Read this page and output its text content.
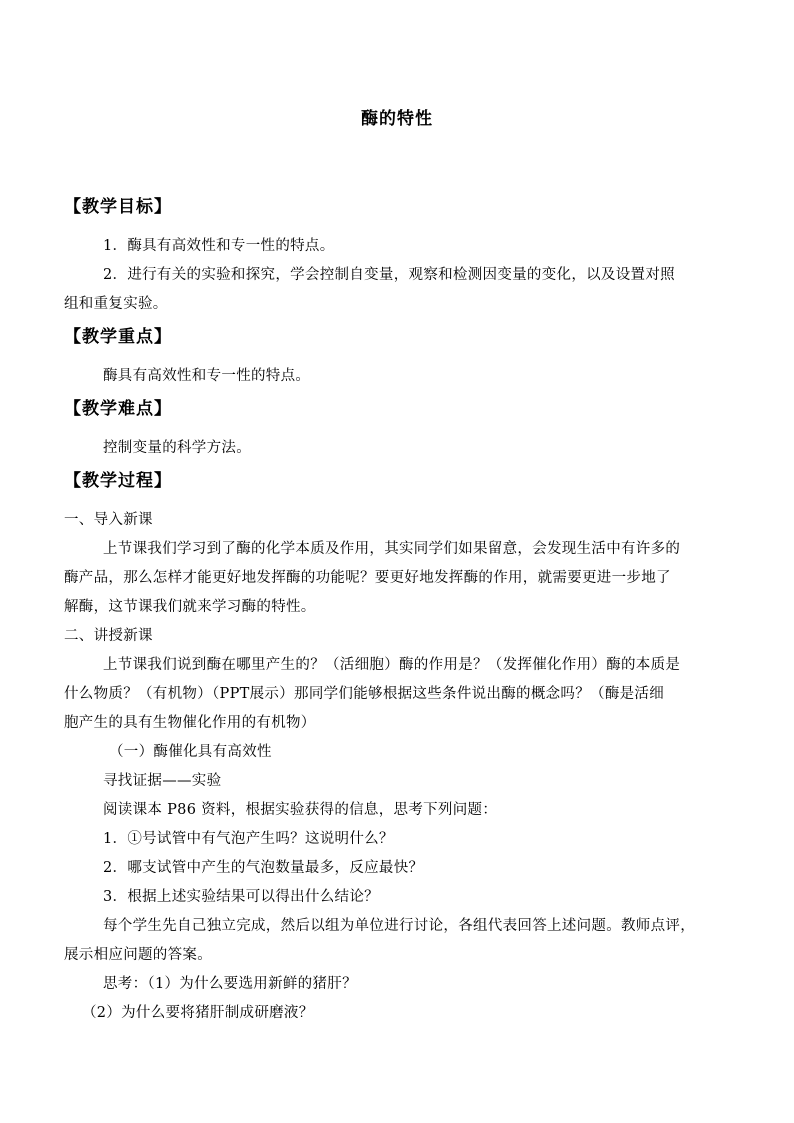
酶的特性
【教学目标】
1．酶具有高效性和专一性的特点。
2．进行有关的实验和探究，学会控制自变量，观察和检测因变量的变化，以及设置对照
组和重复实验。
【教学重点】
酶具有高效性和专一性的特点。
【教学难点】
控制变量的科学方法。
【教学过程】
一、导入新课
上节课我们学习到了酶的化学本质及作用，其实同学们如果留意，会发现生活中有许多的
酶产品，那么怎样才能更好地发挥酶的功能呢？要更好地发挥酶的作用，就需要更进一步地了
解酶，这节课我们就来学习酶的特性。
二、讲授新课
上节课我们说到酶在哪里产生的？（活细胞）酶的作用是？（发挥催化作用）酶的本质是
什么物质？（有机物）（PPT展示）那同学们能够根据这些条件说出酶的概念吗？（酶是活细
胞产生的具有生物催化作用的有机物）
（一）酶催化具有高效性
寻找证据——实验
阅读课本 P86 资料，根据实验获得的信息，思考下列问题：
1．①号试管中有气泡产生吗？这说明什么？
2．哪支试管中产生的气泡数量最多，反应最快？
3．根据上述实验结果可以得出什么结论？
每个学生先自己独立完成，然后以组为单位进行讨论，各组代表回答上述问题。教师点评，
展示相应问题的答案。
思考：（1）为什么要选用新鲜的猪肝？
（2）为什么要将猪肝制成研磨液？
